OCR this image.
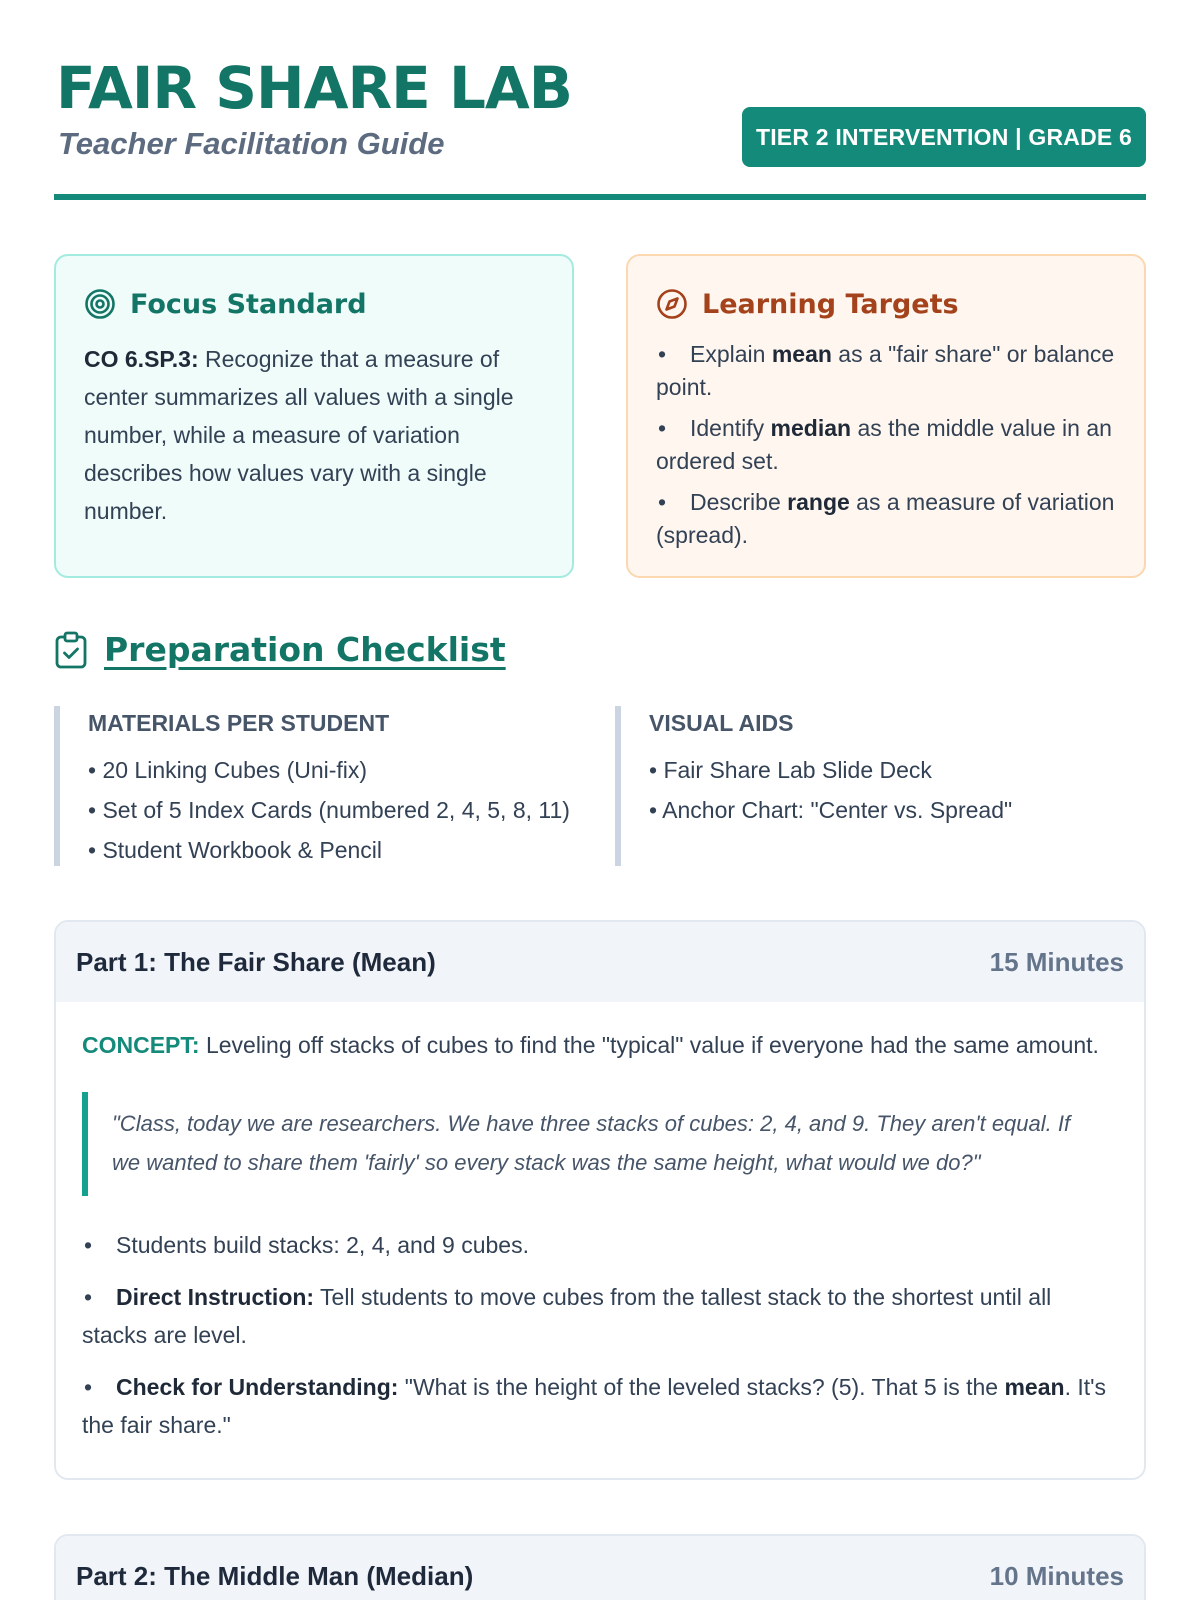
FAIR SHARE LAB
Teacher Facilitation Guide	TIER 2 INTERVENTION | GRADE 6
Focus Standard
CO 6.SP.3: Recognize that a measure of center summarizes all values with a single number, while a measure of variation describes how values vary with a single number.
Learning Targets
• Explain mean as a "fair share" or balance point.
• Identify median as the middle value in an ordered set.
• Describe range as a measure of variation (spread).
Preparation Checklist
MATERIALS PER STUDENT
• 20 Linking Cubes (Uni-fix)
• Set of 5 Index Cards (numbered 2, 4, 5, 8, 11)
• Student Workbook & Pencil
VISUAL AIDS
• Fair Share Lab Slide Deck
• Anchor Chart: "Center vs. Spread"
Part 1: The Fair Share (Mean)	15 Minutes
CONCEPT: Leveling off stacks of cubes to find the "typical" value if everyone had the same amount.
"Class, today we are researchers. We have three stacks of cubes: 2, 4, and 9. They aren't equal. If we wanted to share them 'fairly' so every stack was the same height, what would we do?"
• Students build stacks: 2, 4, and 9 cubes.
• Direct Instruction: Tell students to move cubes from the tallest stack to the shortest until all stacks are level.
• Check for Understanding: "What is the height of the leveled stacks? (5). That 5 is the mean. It's the fair share."
Part 2: The Middle Man (Median)	10 Minutes
